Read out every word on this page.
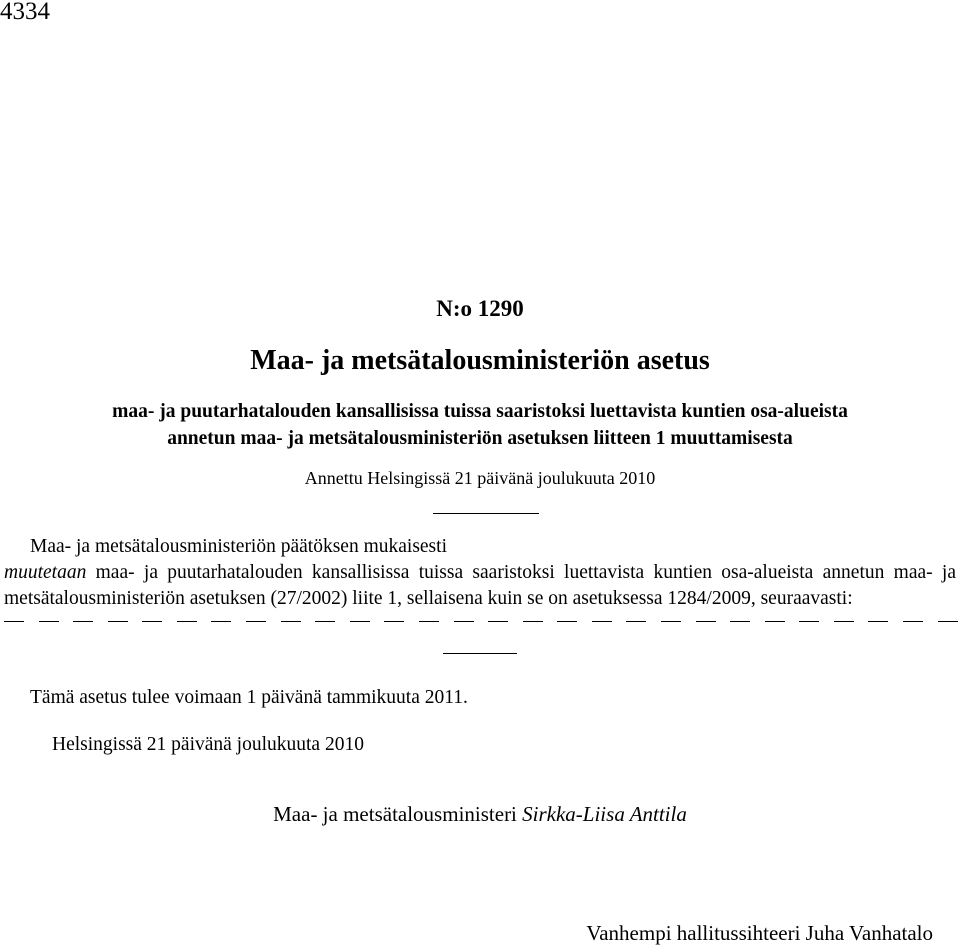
4334
N:o 1290
Maa- ja metsätalousministeriön asetus
maa- ja puutarhatalouden kansallisissa tuissa saaristoksi luettavista kuntien osa-alueista
annetun maa- ja metsätalousministeriön asetuksen liitteen 1 muuttamisesta
Annettu Helsingissä 21 päivänä joulukuuta 2010
Maa- ja metsätalousministeriön päätöksen mukaisesti
muutetaan maa- ja puutarhatalouden kansallisissa tuissa saaristoksi luettavista kuntien osa-alueista annetun maa- ja metsätalousministeriön asetuksen (27/2002) liite 1, sellaisena kuin se on asetuksessa 1284/2009, seuraavasti:
Tämä asetus tulee voimaan 1 päivänä tammikuuta 2011.
Helsingissä 21 päivänä joulukuuta 2010
Maa- ja metsätalousministeri Sirkka-Liisa Anttila
Vanhempi hallitussihteeri Juha Vanhatalo
